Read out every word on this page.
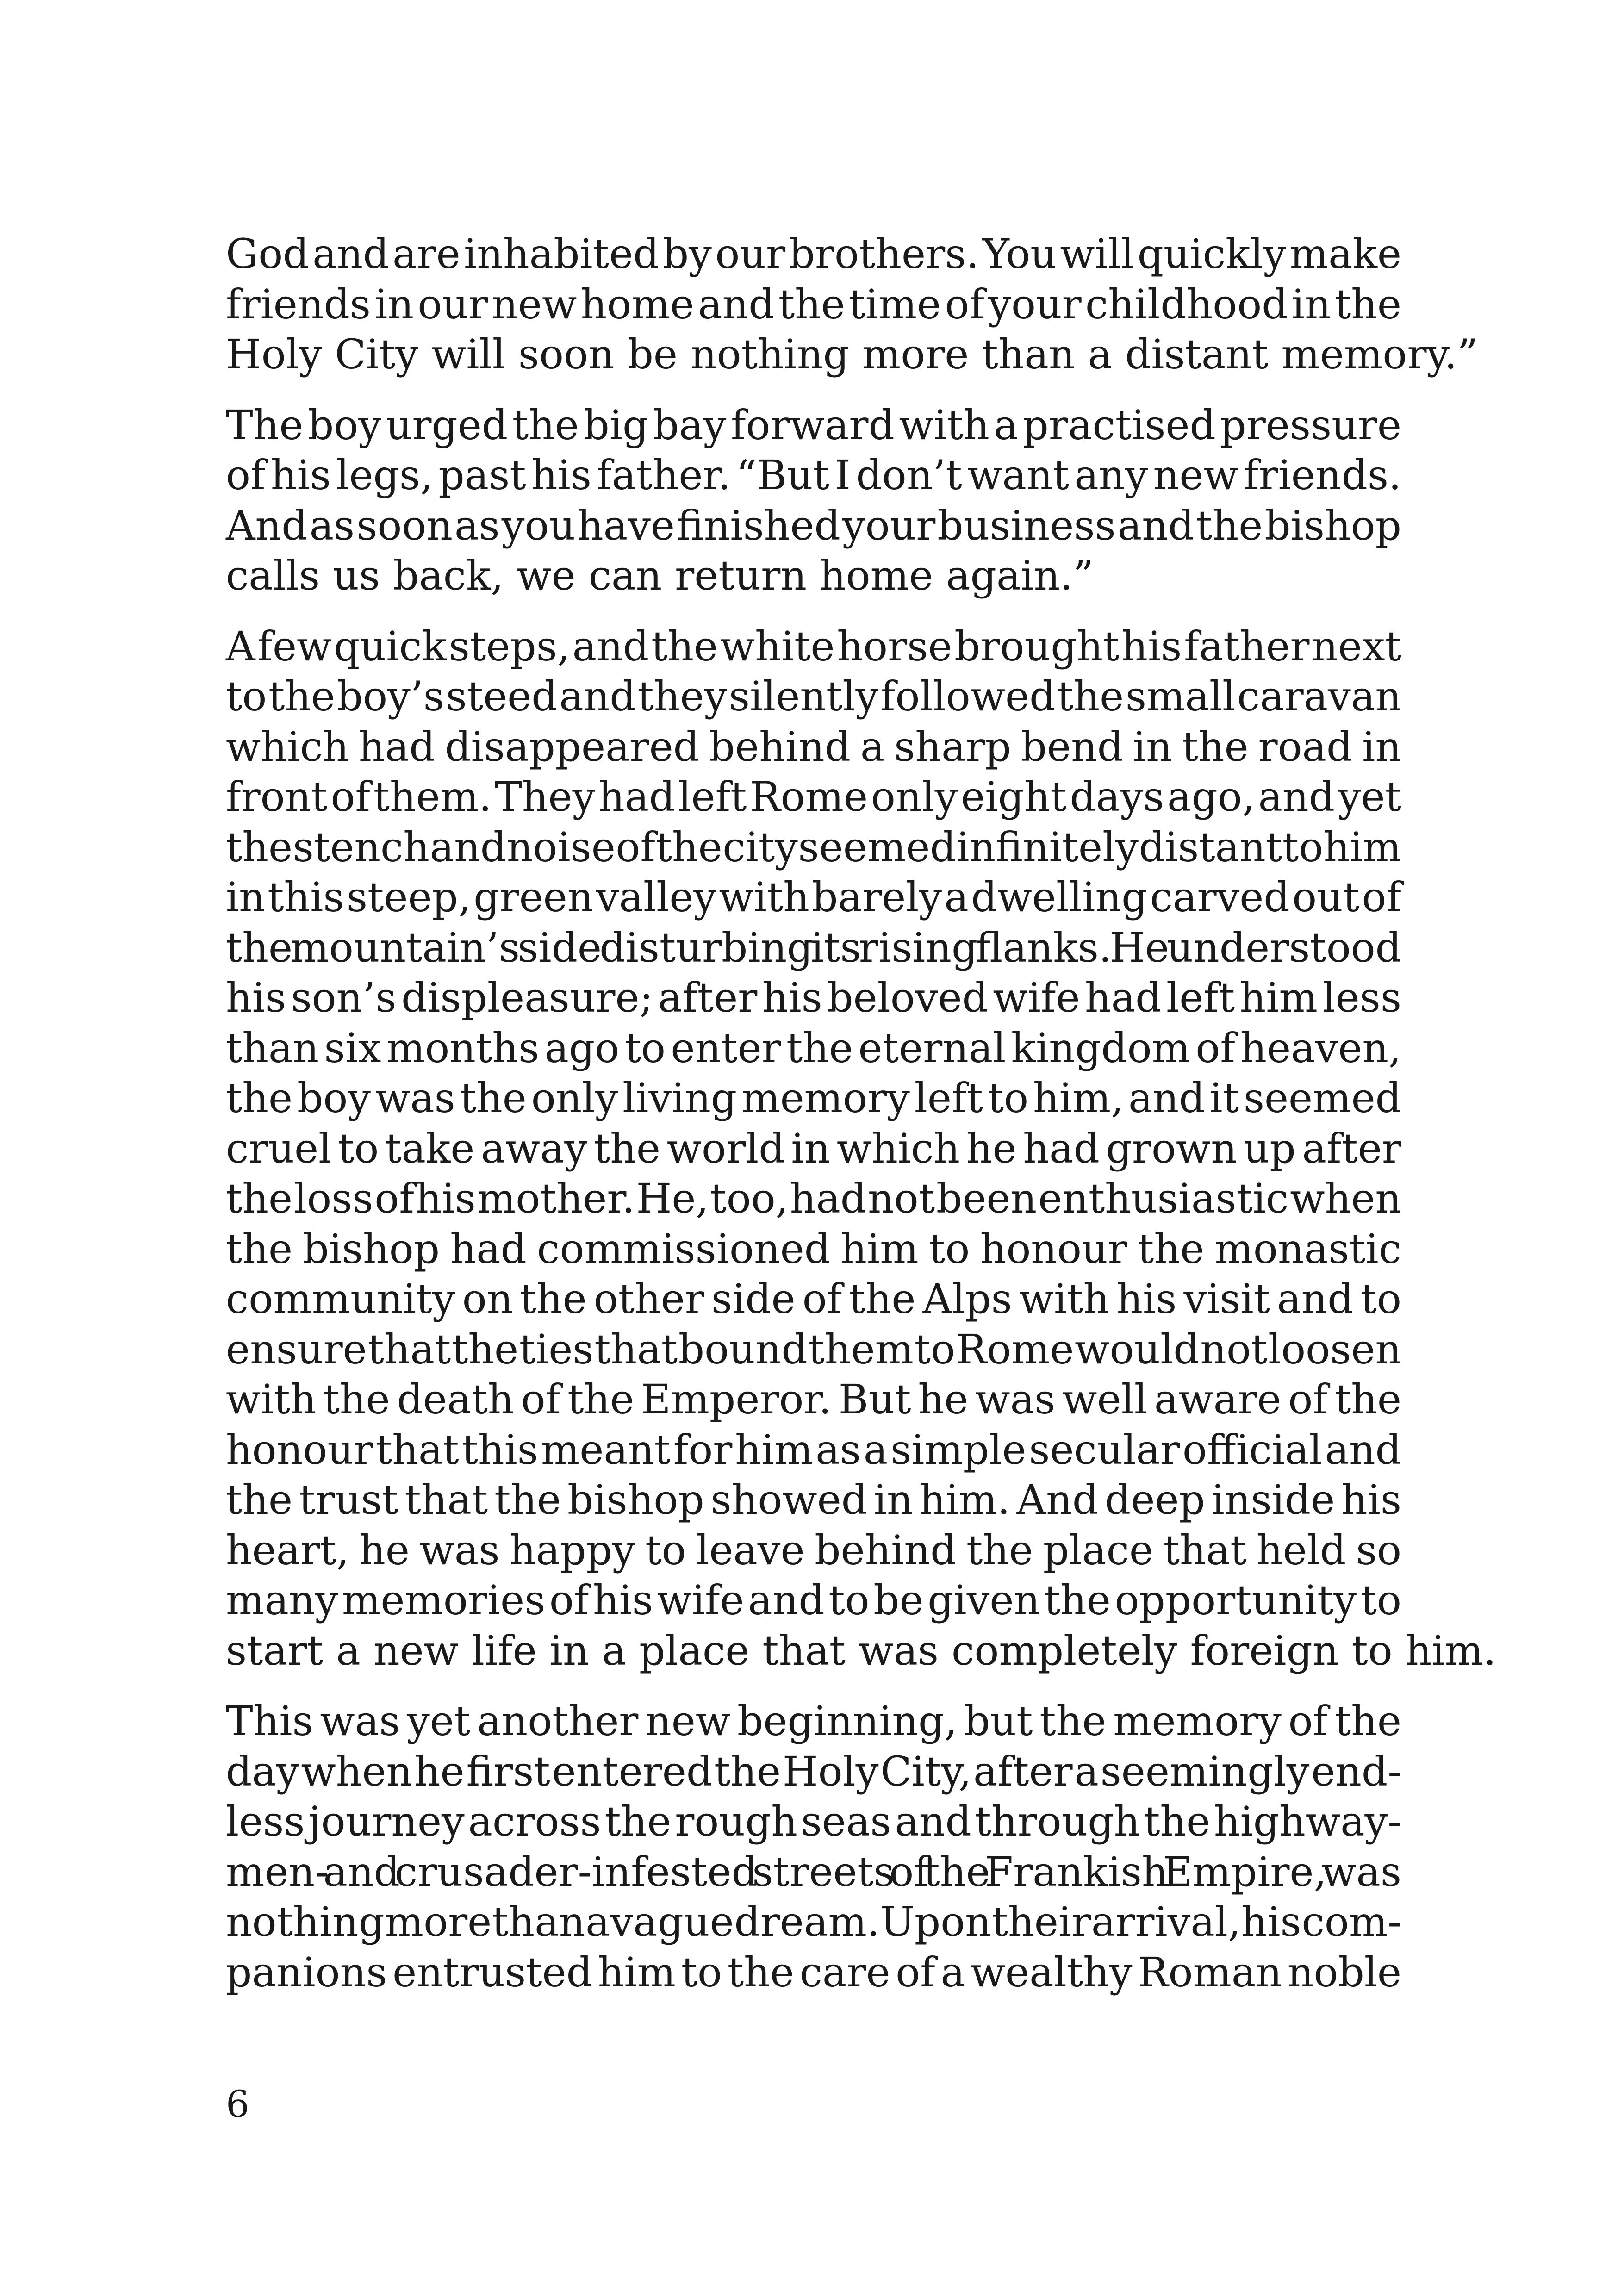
God and are inhabited by our brothers. You will quickly make
friends in our new home and the time of your childhood in the
Holy City will soon be nothing more than a distant memory.”
The boy urged the big bay forward with a practised pressure
of his legs, past his father. “But I don’t want any new friends.
And as soon as you have finished your business and the bishop
calls us back, we can return home again.”
A few quick steps, and the white horse brought his father next
to the boy’s steed and they silently followed the small caravan
which had disappeared behind a sharp bend in the road in
front of them. They had left Rome only eight days ago, and yet
the stench and noise of the city seemed infinitely distant to him
in this steep, green valley with barely a dwelling carved out of
the mountain’s side disturbing its rising flanks. He understood
his son’s displeasure; after his beloved wife had left him less
than six months ago to enter the eternal kingdom of heaven,
the boy was the only living memory left to him, and it seemed
cruel to take away the world in which he had grown up after
the loss of his mother. He, too, had not been enthusiastic when
the bishop had commissioned him to honour the monastic
community on the other side of the Alps with his visit and to
ensure that the ties that bound them to Rome would not loosen
with the death of the Emperor. But he was well aware of the
honour that this meant for him as a simple secular official and
the trust that the bishop showed in him. And deep inside his
heart, he was happy to leave behind the place that held so
many memories of his wife and to be given the opportunity to
start a new life in a place that was completely foreign to him.
This was yet another new beginning, but the memory of the
day when he first entered the Holy City, after a seemingly end-
less journey across the rough seas and through the highway-
men- and crusader-infested streets of the Frankish Empire, was
nothing more than a vague dream. Upon their arrival, his com-
panions entrusted him to the care of a wealthy Roman noble
6
